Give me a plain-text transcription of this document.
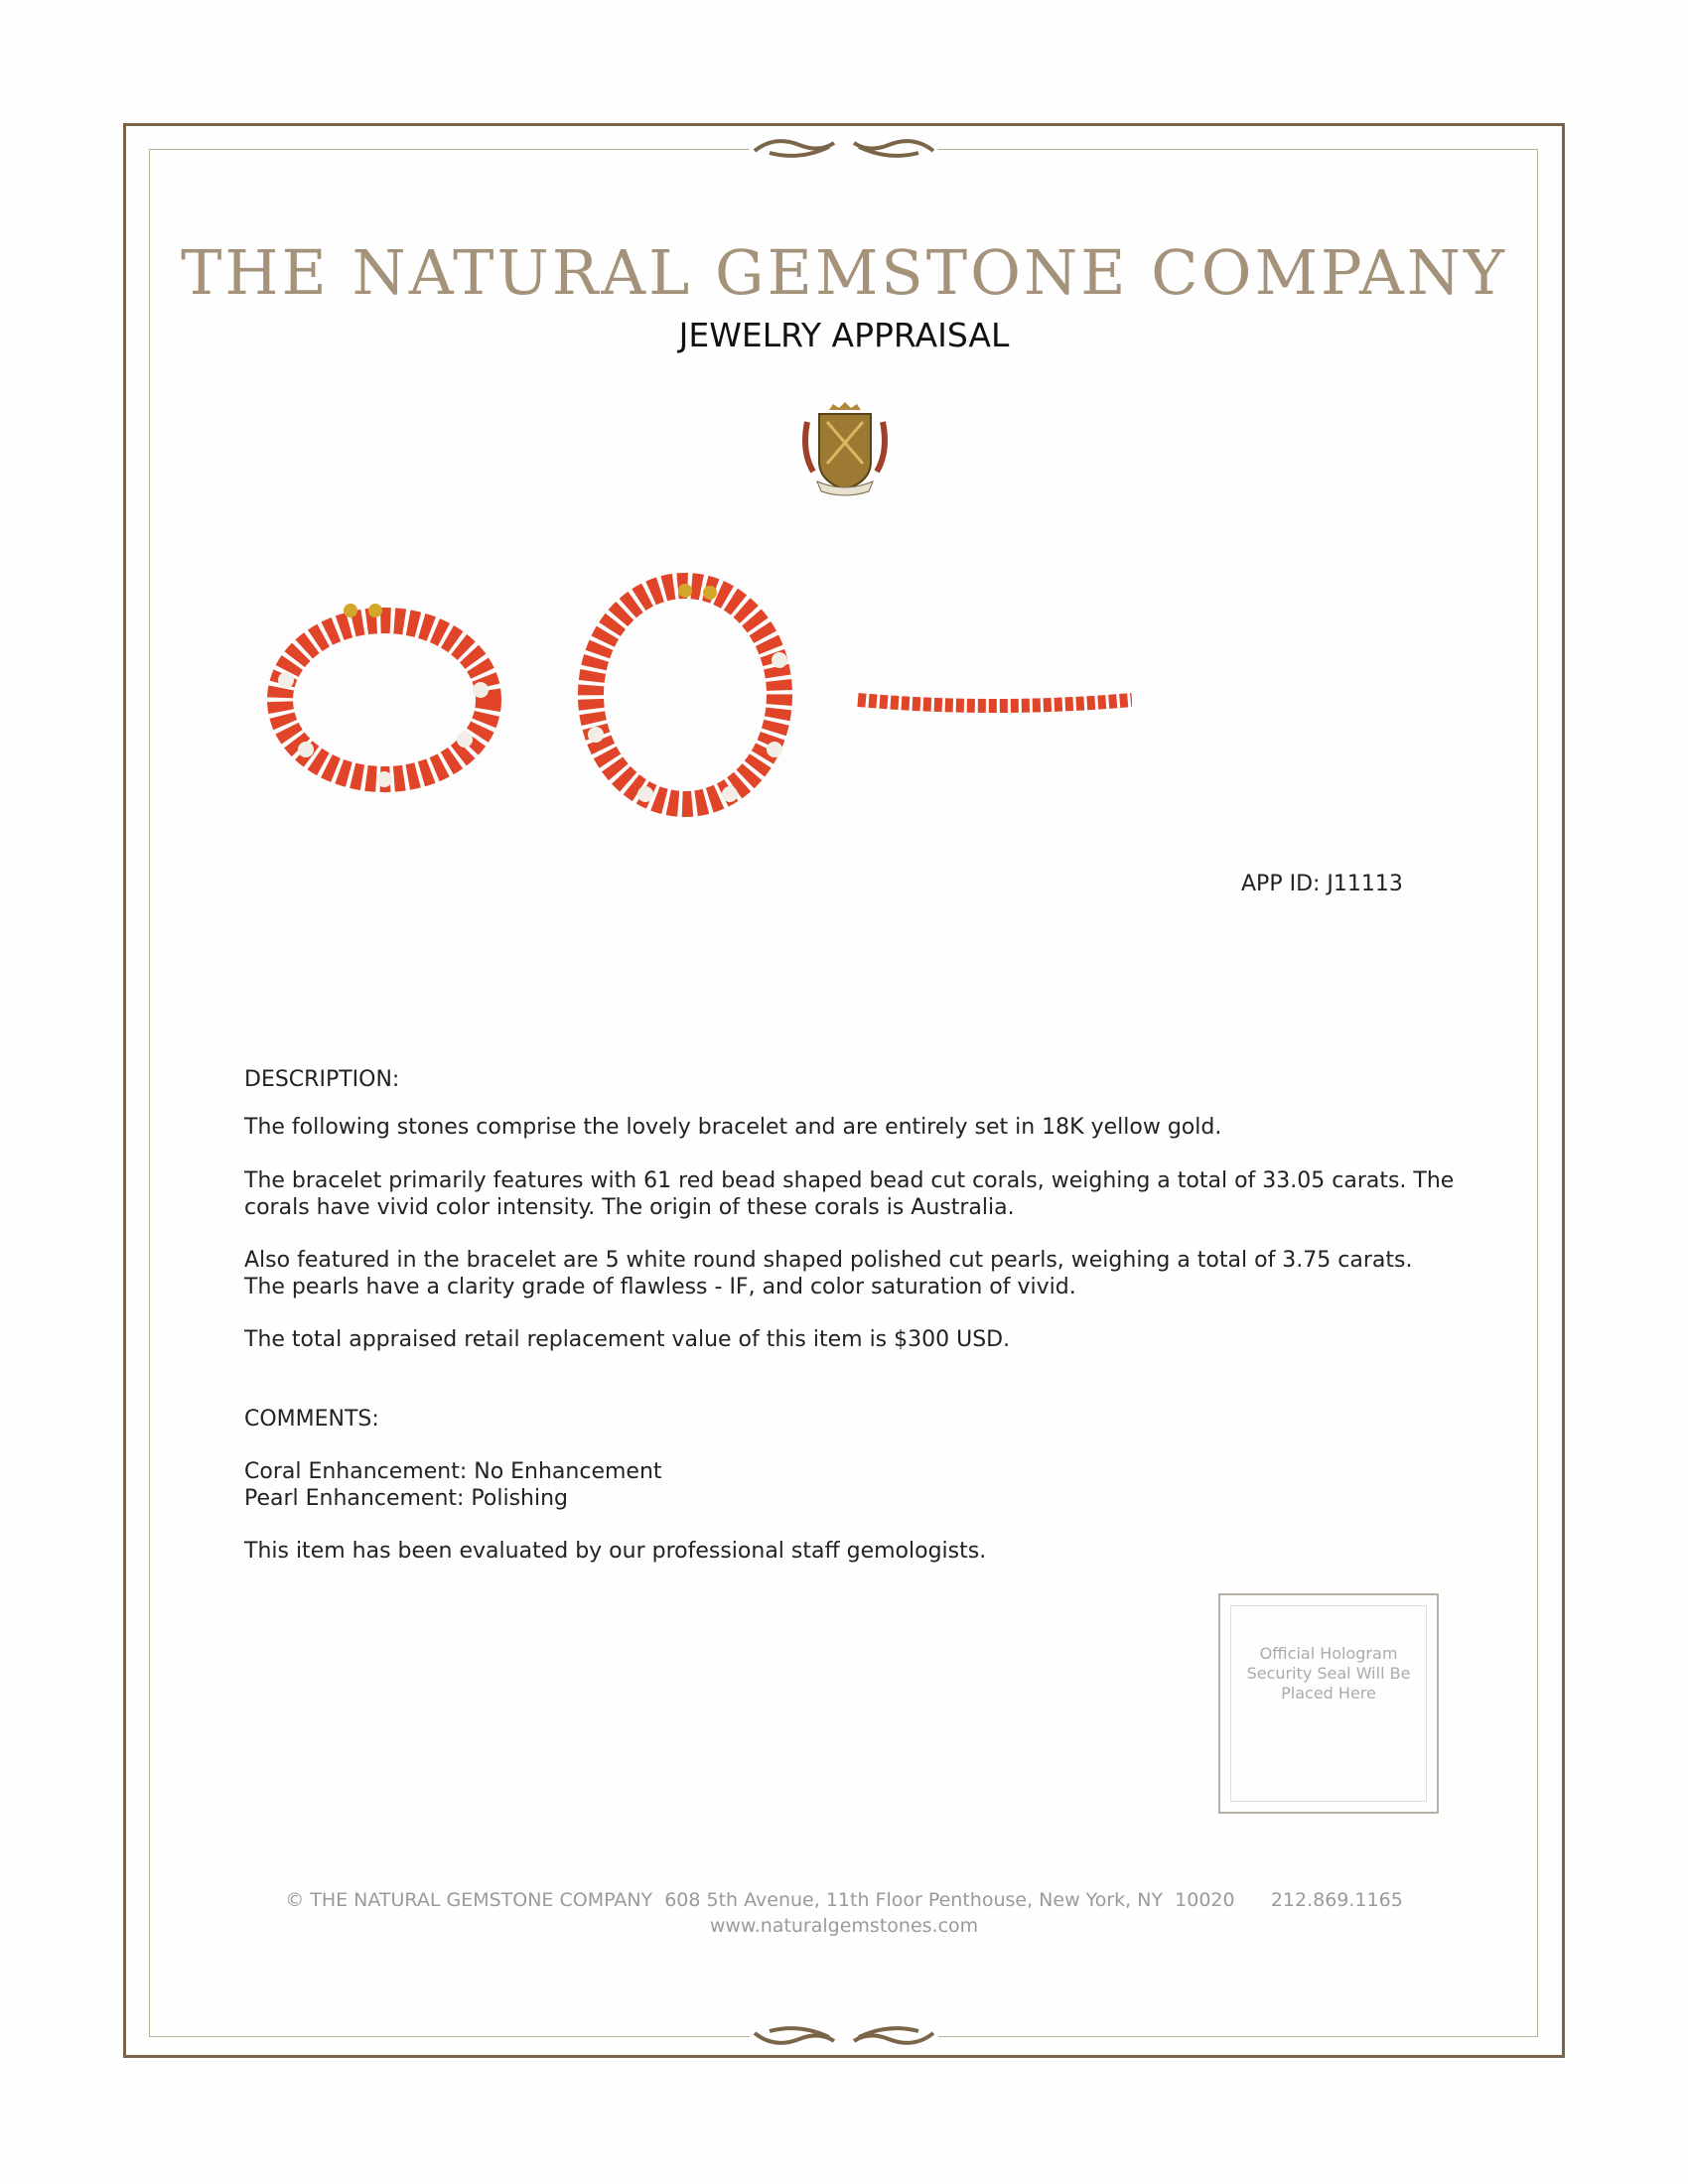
THE NATURAL GEMSTONE COMPANY
JEWELRY APPRAISAL
APP ID: J11113
DESCRIPTION:
The following stones comprise the lovely bracelet and are entirely set in 18K yellow gold.
The bracelet primarily features with 61 red bead shaped bead cut corals, weighing a total of 33.05 carats. The corals have vivid color intensity. The origin of these corals is Australia.
Also featured in the bracelet are 5 white round shaped polished cut pearls, weighing a total of 3.75 carats. The pearls have a clarity grade of flawless - IF, and color saturation of vivid.
The total appraised retail replacement value of this item is $300 USD.
COMMENTS:
Coral Enhancement: No Enhancement
Pearl Enhancement: Polishing
This item has been evaluated by our professional staff gemologists.
Official Hologram Security Seal Will Be Placed Here
© THE NATURAL GEMSTONE COMPANY  608 5th Avenue, 11th Floor Penthouse, New York, NY  10020      212.869.1165
www.naturalgemstones.com
